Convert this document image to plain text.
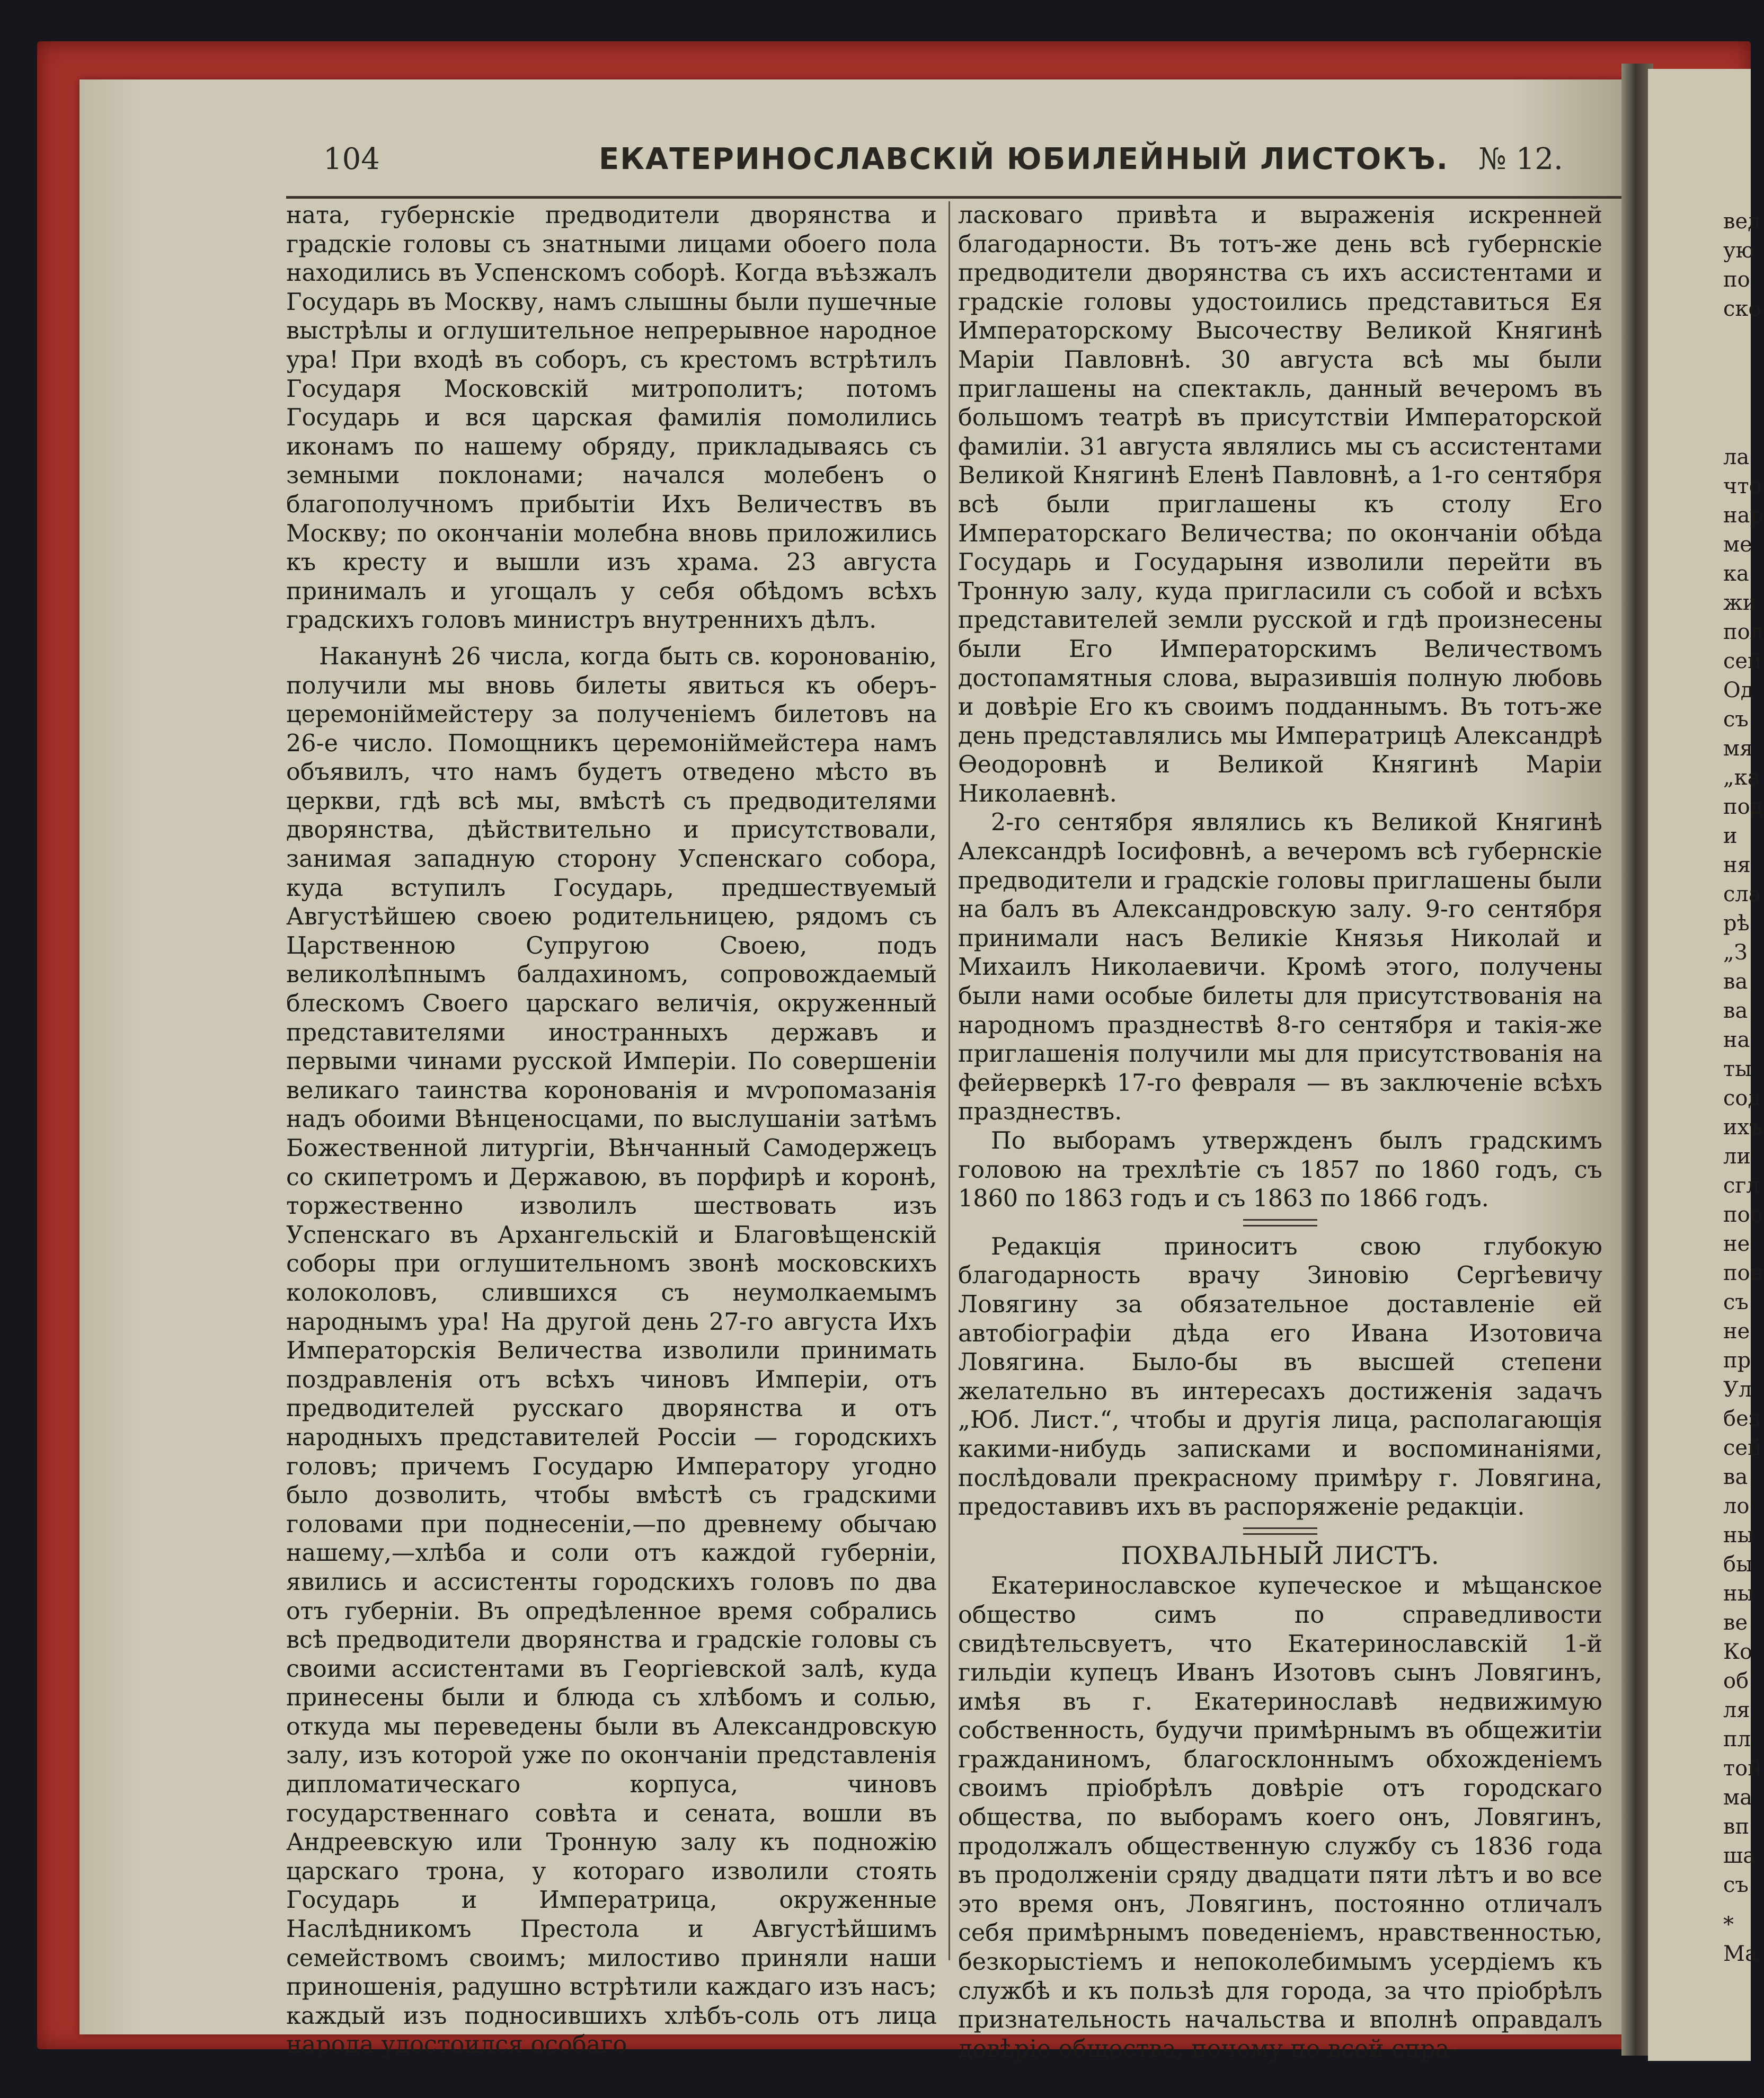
104	ЕКАТЕРИНОСЛАВСКІЙ ЮБИЛЕЙНЫЙ ЛИСТОКЪ. № 12.

ната, губернскіе предводители дворянства и градскіе головы съ знатными лицами обоего пола находились въ Успенскомъ соборѣ. Когда въѣзжалъ Государь въ Москву, намъ слышны были пушечные выстрѣлы и оглушительное непрерывное народное ура! При входѣ въ соборъ, съ крестомъ встрѣтилъ Государя Московскій митрополитъ; потомъ Государь и вся царская фамилія помолились иконамъ по нашему обряду, прикладываясь съ земными поклонами; начался молебенъ о благополучномъ прибытіи Ихъ Величествъ въ Москву; по окончаніи молебна вновь приложились къ кресту и вышли изъ храма. 23 августа принималъ и угощалъ у себя обѣдомъ всѣхъ градскихъ головъ министръ внутреннихъ дѣлъ.

Наканунѣ 26 числа, когда быть св. коронованію, получили мы вновь билеты явиться къ оберъ-церемоніймейстеру за полученіемъ билетовъ на 26-е число. Помощникъ церемоніймейстера намъ объявилъ, что намъ будетъ отведено мѣсто въ церкви, гдѣ всѣ мы, вмѣстѣ съ предводителями дворянства, дѣйствительно и присутствовали, занимая западную сторону Успенскаго собора, куда вступилъ Государь, предшествуемый Августѣйшею своею родительницею, рядомъ съ Царственною Супругою Своею, подъ великолѣпнымъ балдахиномъ, сопровождаемый блескомъ Своего царскаго величія, окруженный представителями иностранныхъ державъ и первыми чинами русской Имперіи. По совершеніи великаго таинства коронованія и мѵропомазанія надъ обоими Вѣнценосцами, по выслушаніи затѣмъ Божественной литургіи, Вѣнчанный Самодержецъ со скипетромъ и Державою, въ порфирѣ и коронѣ, торжественно изволилъ шествовать изъ Успенскаго въ Архангельскій и Благовѣщенскій соборы при оглушительномъ звонѣ московскихъ колоколовъ, слившихся съ неумолкаемымъ народнымъ ура! На другой день 27-го августа Ихъ Императорскія Величества изволили принимать поздравленія отъ всѣхъ чиновъ Имперіи, отъ предводителей русскаго дворянства и отъ народныхъ представителей Россіи — городскихъ головъ; причемъ Государю Императору угодно было дозволить, чтобы вмѣстѣ съ градскими головами при поднесеніи,—по древнему обычаю нашему,—хлѣба и соли отъ каждой губерніи, явились и ассистенты городскихъ головъ по два отъ губерніи. Въ опредѣленное время собрались всѣ предводители дворянства и градскіе головы съ своими ассистентами въ Георгіевской залѣ, куда принесены были и блюда съ хлѣбомъ и солью, откуда мы переведены были въ Александровскую залу, изъ которой уже по окончаніи представленія дипломатическаго корпуса, чиновъ государственнаго совѣта и сената, вошли въ Андреевскую или Тронную залу къ подножію царскаго трона, у котораго изволили стоять Государь и Императрица, окруженные Наслѣдникомъ Престола и Августѣйшимъ семействомъ своимъ; милостиво приняли наши приношенія, радушно встрѣтили каждаго изъ насъ; каждый изъ подносившихъ хлѣбъ-соль отъ лица народа удостоился особаго

ласковаго привѣта и выраженія искренней благодарности. Въ тотъ-же день всѣ губернскіе предводители дворянства съ ихъ ассистентами и градскіе головы удостоились представиться Ея Императорскому Высочеству Великой Княгинѣ Маріи Павловнѣ. 30 августа всѣ мы были приглашены на спектакль, данный вечеромъ въ большомъ театрѣ въ присутствіи Императорской фамиліи. 31 августа являлись мы съ ассистентами Великой Княгинѣ Еленѣ Павловнѣ, а 1-го сентября всѣ были приглашены къ столу Его Императорскаго Величества; по окончаніи обѣда Государь и Государыня изволили перейти въ Тронную залу, куда пригласили съ собой и всѣхъ представителей земли русской и гдѣ произнесены были Его Императорскимъ Величествомъ достопамятныя слова, выразившія полную любовь и довѣріе Его къ своимъ подданнымъ. Въ тотъ-же день представлялись мы Императрицѣ Александрѣ Ѳеодоровнѣ и Великой Княгинѣ Маріи Николаевнѣ.

2-го сентября являлись къ Великой Княгинѣ Александрѣ Іосифовнѣ, а вечеромъ всѣ губернскіе предводители и градскіе головы приглашены были на балъ въ Александровскую залу. 9-го сентября принимали насъ Великіе Князья Николай и Михаилъ Николаевичи. Кромѣ этого, получены были нами особые билеты для присутствованія на народномъ празднествѣ 8-го сентября и такія-же приглашенія получили мы для присутствованія на фейерверкѣ 17-го февраля — въ заключеніе всѣхъ празднествъ.

По выборамъ утвержденъ былъ градскимъ головою на трехлѣтіе съ 1857 по 1860 годъ, съ 1860 по 1863 годъ и съ 1863 по 1866 годъ.

Редакція приноситъ свою глубокую благодарность врачу Зиновію Сергѣевичу Ловягину за обязательное доставленіе ей автобіографіи дѣда его Ивана Изотовича Ловягина. Было-бы въ высшей степени желательно въ интересахъ достиженія задачъ „Юб. Лист.“, чтобы и другія лица, располагающія какими-нибудь записками и воспоминаніями, послѣдовали прекрасному примѣру г. Ловягина, предоставивъ ихъ въ распоряженіе редакціи.

ПОХВАЛЬНЫЙ ЛИСТЪ.

Екатеринославское купеческое и мѣщанское общество симъ по справедливости свидѣтельсвуетъ, что Екатеринославскій 1-й гильдіи купецъ Иванъ Изотовъ сынъ Ловягинъ, имѣя въ г. Екатеринославѣ недвижимую собственность, будучи примѣрнымъ въ общежитіи гражданиномъ, благосклоннымъ обхожденіемъ своимъ пріобрѣлъ довѣріе отъ городскаго общества, по выборамъ коего онъ, Ловягинъ, продолжалъ общественную службу съ 1836 года въ продолженіи сряду двадцати пяти лѣтъ и во все это время онъ, Ловягинъ, постоянно отличалъ себя примѣрнымъ поведеніемъ, нравственностью, безкорыстіемъ и непоколебимымъ усердіемъ къ службѣ и къ пользѣ для города, за что пріобрѣлъ признательность начальства и вполнѣ оправдалъ довѣріе общества, почему по всей спра-

вед
ую
по
ско
ла
что
нар
ме
ка
жи
пол
сей
Од
съ
мя
„ка
под
и
ня
сла
рѣ
„З
ва
ва
на
ты
сод
ихъ
ли
сгл
пос
не
пон
съ
не
пр
Ул
без
сей
ва
ло
ны
бы
ны
ве
Ко
об
ля
пл
той
ма
вп
ша
съ
*
Ма
